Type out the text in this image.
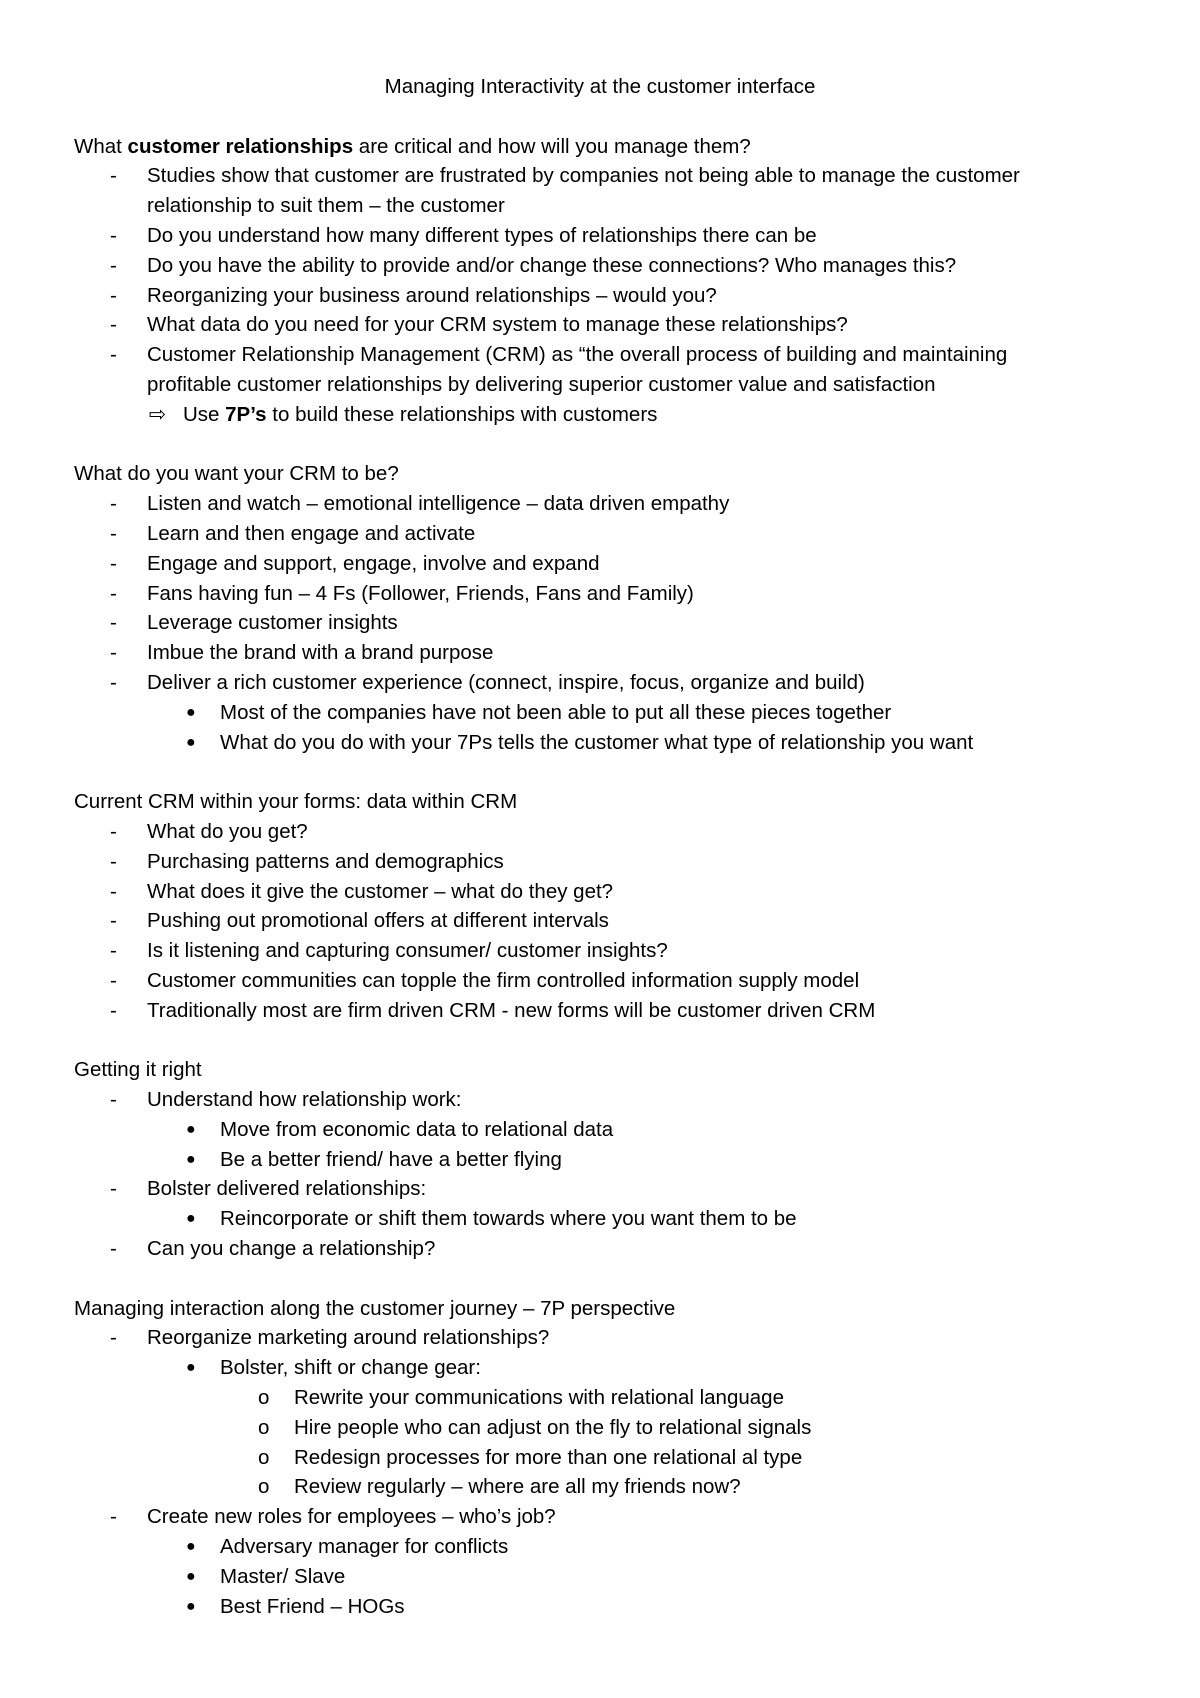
Managing Interactivity at the customer interface
What customer relationships are critical and how will you manage them?
- Studies show that customer are frustrated by companies not being able to manage the customer
relationship to suit them – the customer
- Do you understand how many different types of relationships there can be
- Do you have the ability to provide and/or change these connections? Who manages this?
- Reorganizing your business around relationships – would you?
- What data do you need for your CRM system to manage these relationships?
- Customer Relationship Management (CRM) as “the overall process of building and maintaining
profitable customer relationships by delivering superior customer value and satisfaction
⇨ Use 7P’s to build these relationships with customers
What do you want your CRM to be?
- Listen and watch – emotional intelligence – data driven empathy
- Learn and then engage and activate
- Engage and support, engage, involve and expand
- Fans having fun – 4 Fs (Follower, Friends, Fans and Family)
- Leverage customer insights
- Imbue the brand with a brand purpose
- Deliver a rich customer experience (connect, inspire, focus, organize and build)
● Most of the companies have not been able to put all these pieces together
● What do you do with your 7Ps tells the customer what type of relationship you want
Current CRM within your forms: data within CRM
- What do you get?
- Purchasing patterns and demographics
- What does it give the customer – what do they get?
- Pushing out promotional offers at different intervals
- Is it listening and capturing consumer/ customer insights?
- Customer communities can topple the firm controlled information supply model
- Traditionally most are firm driven CRM - new forms will be customer driven CRM
Getting it right
- Understand how relationship work:
● Move from economic data to relational data
● Be a better friend/ have a better flying
- Bolster delivered relationships:
● Reincorporate or shift them towards where you want them to be
- Can you change a relationship?
Managing interaction along the customer journey – 7P perspective
- Reorganize marketing around relationships?
● Bolster, shift or change gear:
o Rewrite your communications with relational language
o Hire people who can adjust on the fly to relational signals
o Redesign processes for more than one relational al type
o Review regularly – where are all my friends now?
- Create new roles for employees – who’s job?
● Adversary manager for conflicts
● Master/ Slave
● Best Friend – HOGs
